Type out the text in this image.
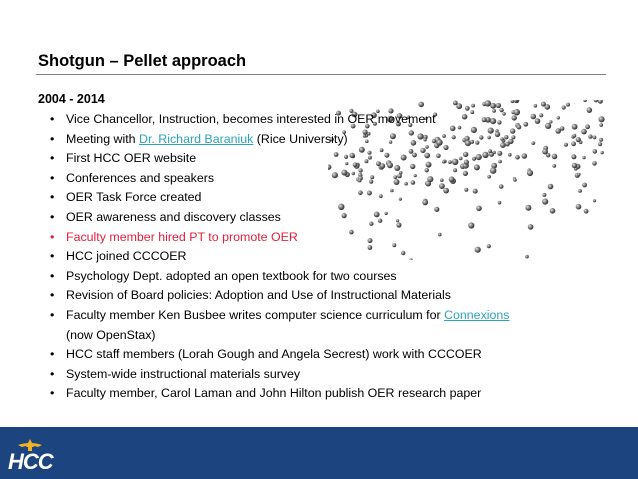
Shotgun – Pellet approach
2004 - 2014
• Vice Chancellor, Instruction, becomes interested in OER movement
• Meeting with Dr. Richard Baraniuk (Rice University)
• First HCC OER website
• Conferences and speakers
• OER Task Force created
• OER awareness and discovery classes
• Faculty member hired PT to promote OER
• HCC joined CCCOER
• Psychology Dept. adopted an open textbook for two courses
• Revision of Board policies: Adoption and Use of Instructional Materials
• Faculty member Ken Busbee writes computer science curriculum for Connexions
(now OpenStax)
• HCC staff members (Lorah Gough and Angela Secrest) work with CCCOER
• System-wide instructional materials survey
• Faculty member, Carol Laman and John Hilton publish OER research paper
HCC
